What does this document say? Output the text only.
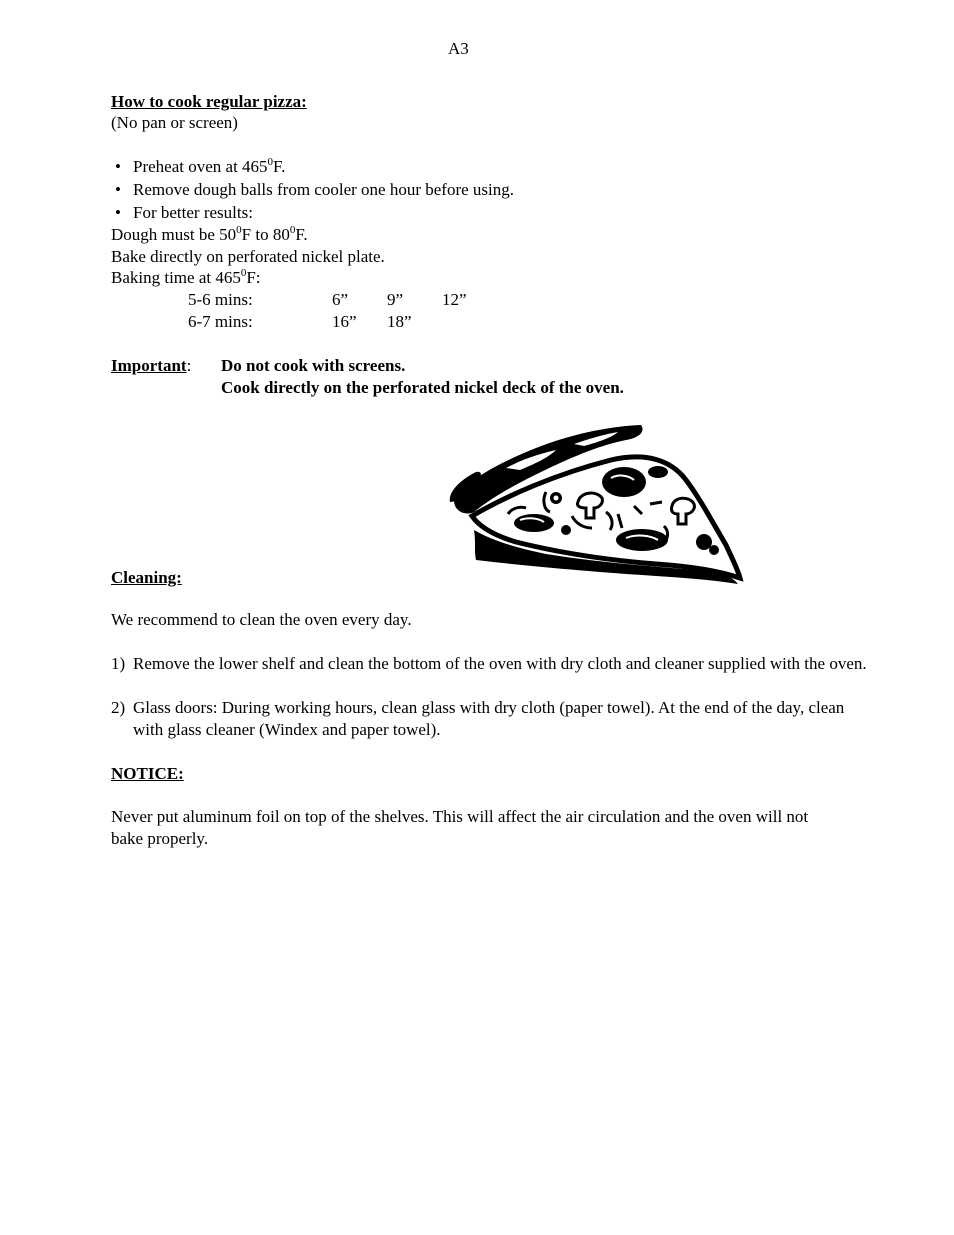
A3
How to cook regular pizza:
(No pan or screen)
• Preheat oven at $465^0F$.
• Remove dough balls from cooler one hour before using.
• For better results:
Dough must be $50^0F$ to $80^0F$.
Bake directly on perforated nickel plate.
Baking time at $465^0F$:
5-6 mins:	6” 9” 12”
6-7 mins:	16” 18”
Important: Do not cook with screens.
Cook directly on the perforated nickel deck of the oven.
Cleaning:
We recommend to clean the oven every day.
1) Remove the lower shelf and clean the bottom of the oven with dry cloth and cleaner supplied with the oven.
2) Glass doors: During working hours, clean glass with dry cloth (paper towel). At the end of the day, clean with glass cleaner (Windex and paper towel).
NOTICE:
Never put aluminum foil on top of the shelves. This will affect the air circulation and the oven will not bake properly.
